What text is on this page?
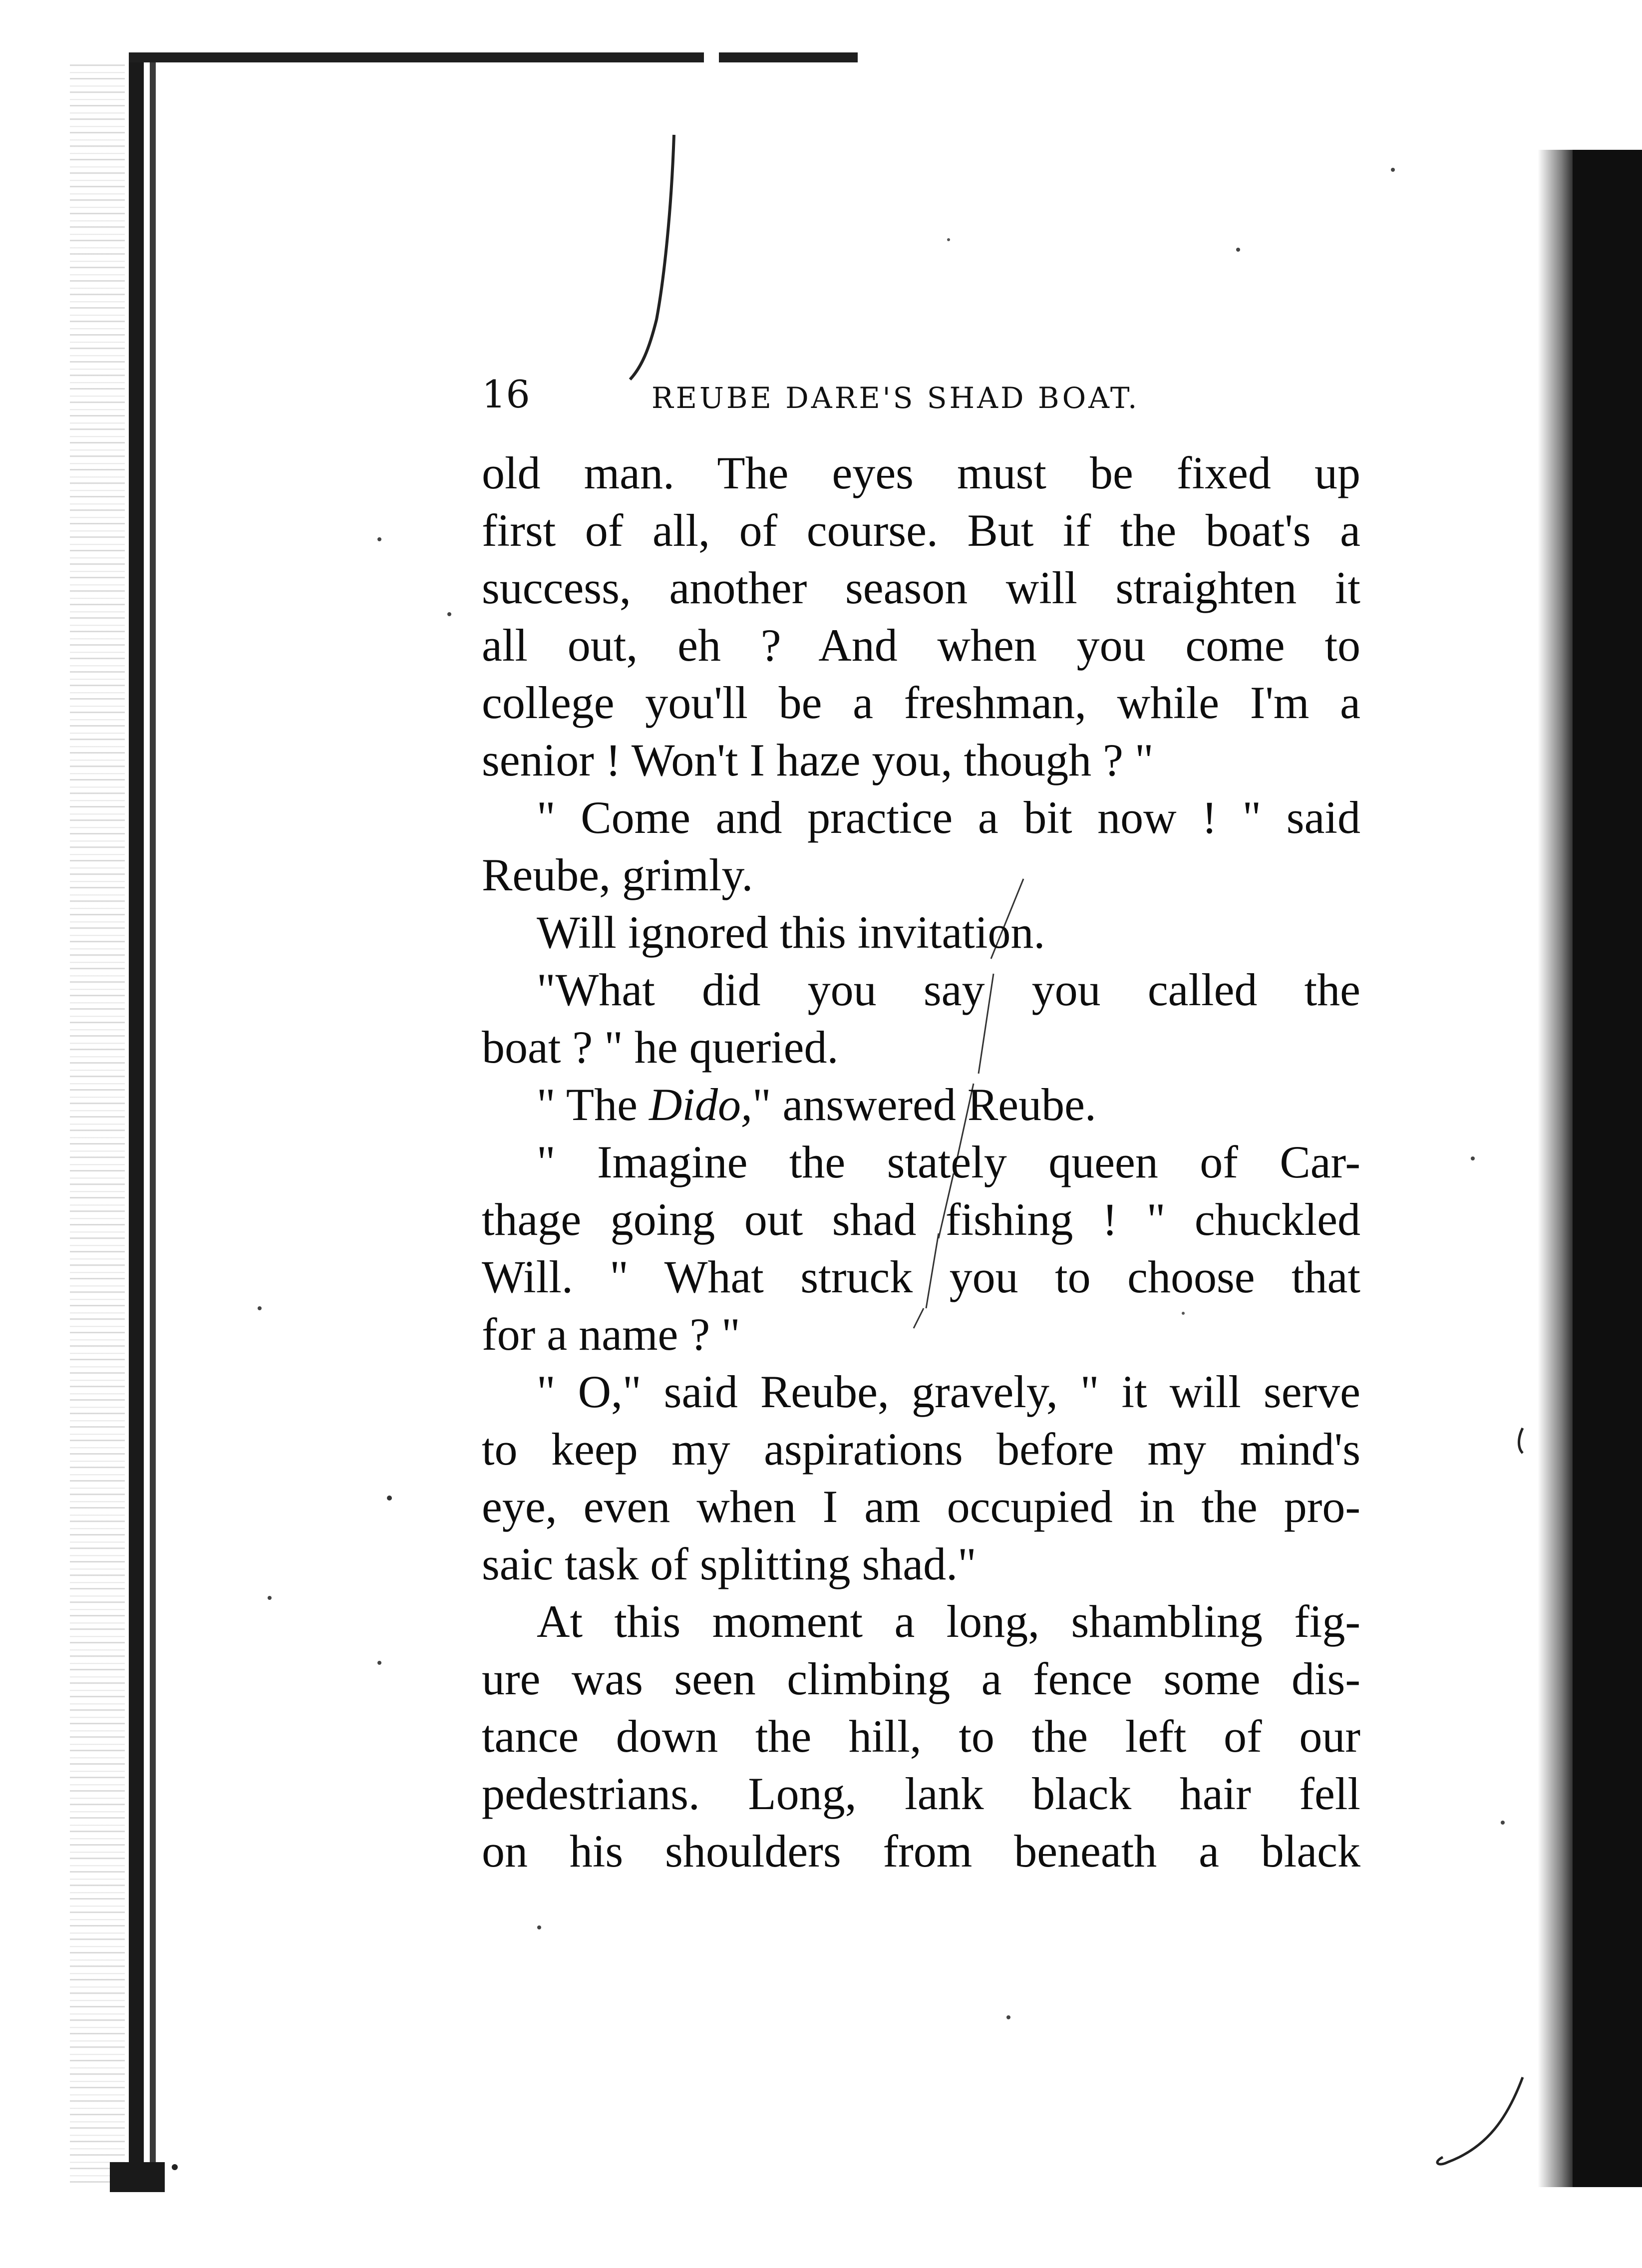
16	REUBE DARE'S SHAD BOAT.
old man. The eyes must be fixed up
first of all, of course. But if the boat's a
success, another season will straighten it
all out, eh ? And when you come to
college you'll be a freshman, while I'm a
senior ! Won't I haze you, though ? "
" Come and practice a bit now ! " said
Reube, grimly.
Will ignored this invitation.
"What did you say you called the
boat ? " he queried.
" The Dido," answered Reube.
" Imagine the stately queen of Car-
thage going out shad fishing ! " chuckled
Will. " What struck you to choose that
for a name ? "
" O," said Reube, gravely, " it will serve
to keep my aspirations before my mind's
eye, even when I am occupied in the pro-
saic task of splitting shad."
At this moment a long, shambling fig-
ure was seen climbing a fence some dis-
tance down the hill, to the left of our
pedestrians. Long, lank black hair fell
on his shoulders from beneath a black
